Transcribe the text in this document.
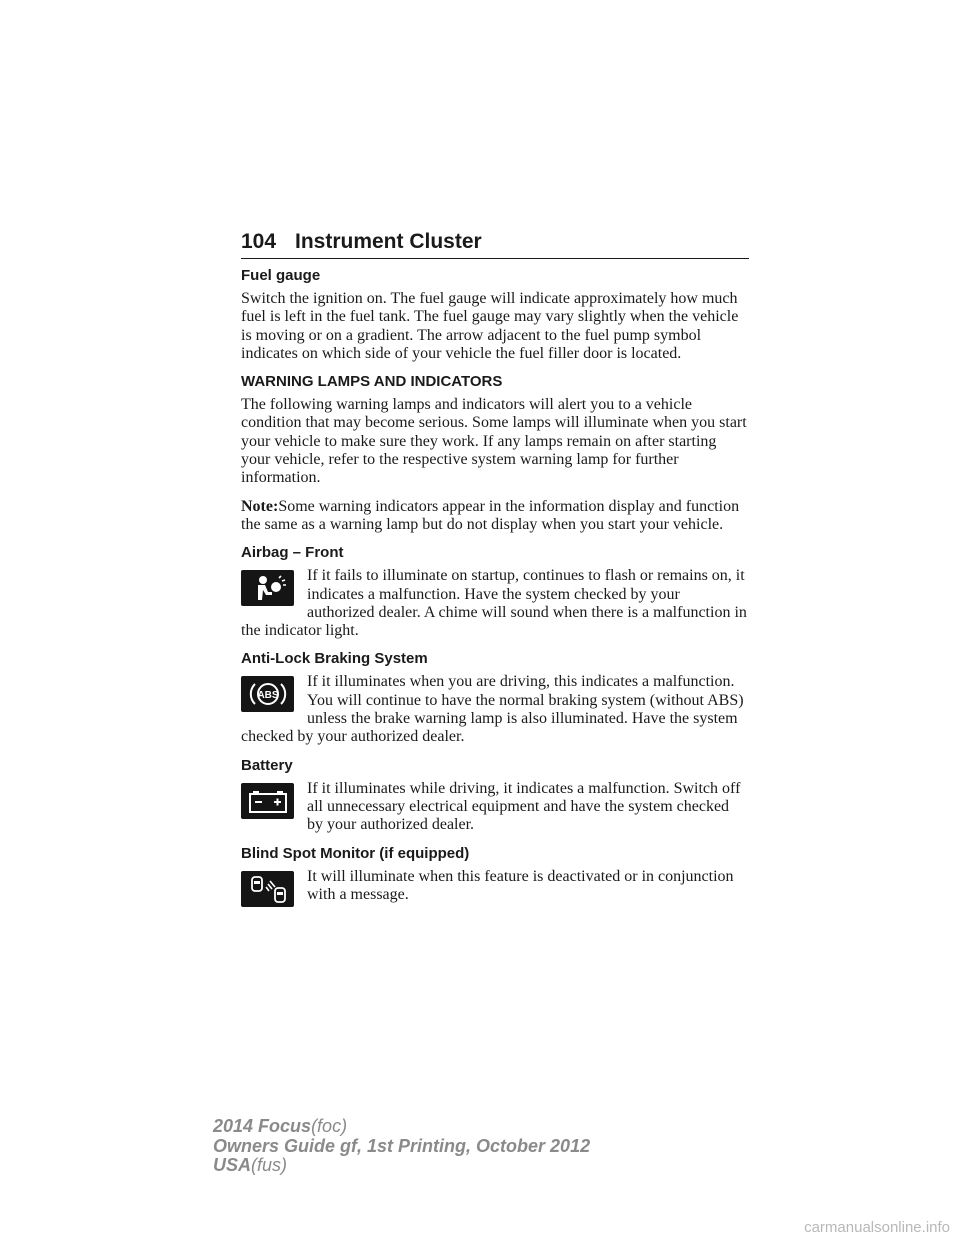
104 Instrument Cluster
Fuel gauge

Switch the ignition on. The fuel gauge will indicate approximately how much fuel is left in the fuel tank. The fuel gauge may vary slightly when the vehicle is moving or on a gradient. The arrow adjacent to the fuel pump symbol indicates on which side of your vehicle the fuel filler door is located.

WARNING LAMPS AND INDICATORS

The following warning lamps and indicators will alert you to a vehicle condition that may become serious. Some lamps will illuminate when you start your vehicle to make sure they work. If any lamps remain on after starting your vehicle, refer to the respective system warning lamp for further information.

Note:Some warning indicators appear in the information display and function the same as a warning lamp but do not display when you start your vehicle.

Airbag – Front

If it fails to illuminate on startup, continues to flash or remains on, it indicates a malfunction. Have the system checked by your authorized dealer. A chime will sound when there is a malfunction in the indicator light.

Anti-Lock Braking System
ABS

If it illuminates when you are driving, this indicates a malfunction. You will continue to have the normal braking system (without ABS) unless the brake warning lamp is also illuminated. Have the system checked by your authorized dealer.

Battery

If it illuminates while driving, it indicates a malfunction. Switch off all unnecessary electrical equipment and have the system checked by your authorized dealer.

Blind Spot Monitor (if equipped)

It will illuminate when this feature is deactivated or in conjunction with a message.

2014 Focus(foc)
Owners Guide gf, 1st Printing, October 2012
USA(fus)
carmanualsonline.info
